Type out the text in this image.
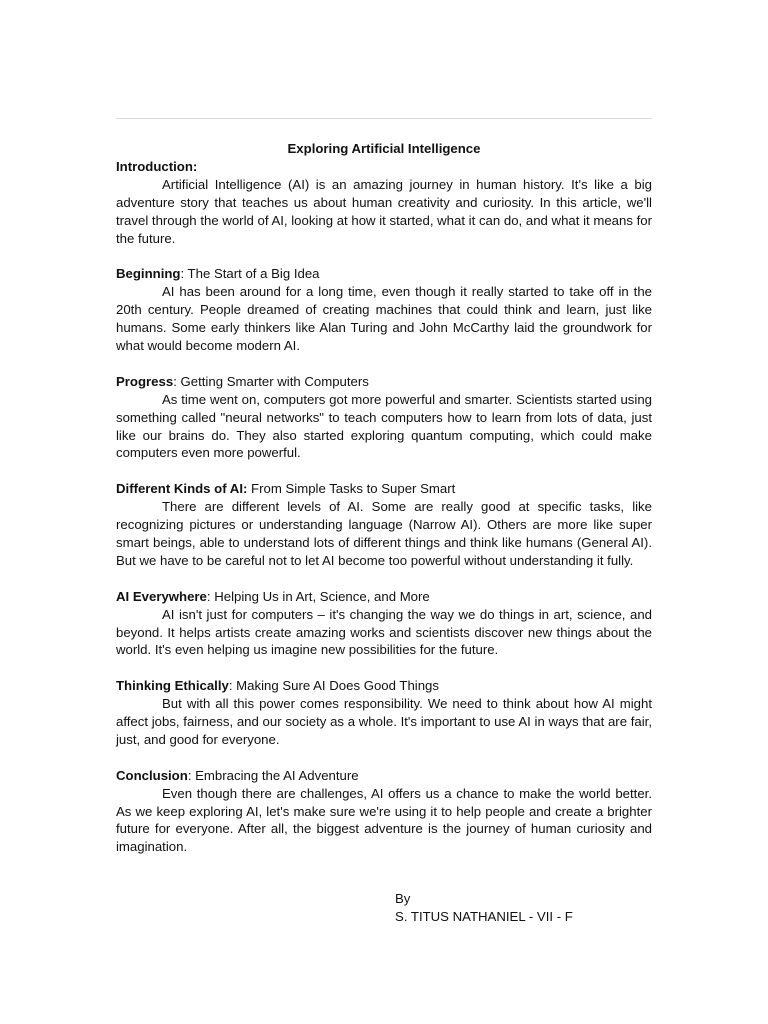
Exploring Artificial Intelligence
Introduction:

Artificial Intelligence (AI) is an amazing journey in human history. It's like a big adventure story that teaches us about human creativity and curiosity. In this article, we'll travel through the world of AI, looking at how it started, what it can do, and what it means for the future.

Beginning: The Start of a Big Idea

AI has been around for a long time, even though it really started to take off in the 20th century. People dreamed of creating machines that could think and learn, just like humans. Some early thinkers like Alan Turing and John McCarthy laid the groundwork for what would become modern AI.

Progress: Getting Smarter with Computers

As time went on, computers got more powerful and smarter. Scientists started using something called "neural networks" to teach computers how to learn from lots of data, just like our brains do. They also started exploring quantum computing, which could make computers even more powerful.

Different Kinds of AI: From Simple Tasks to Super Smart

There are different levels of AI. Some are really good at specific tasks, like recognizing pictures or understanding language (Narrow AI). Others are more like super smart beings, able to understand lots of different things and think like humans (General AI). But we have to be careful not to let AI become too powerful without understanding it fully.

AI Everywhere: Helping Us in Art, Science, and More

AI isn't just for computers – it's changing the way we do things in art, science, and beyond. It helps artists create amazing works and scientists discover new things about the world. It's even helping us imagine new possibilities for the future.

Thinking Ethically: Making Sure AI Does Good Things

But with all this power comes responsibility. We need to think about how AI might affect jobs, fairness, and our society as a whole. It's important to use AI in ways that are fair, just, and good for everyone.

Conclusion: Embracing the AI Adventure

Even though there are challenges, AI offers us a chance to make the world better. As we keep exploring AI, let's make sure we're using it to help people and create a brighter future for everyone. After all, the biggest adventure is the journey of human curiosity and imagination.

By
S. TITUS NATHANIEL - VII - F
